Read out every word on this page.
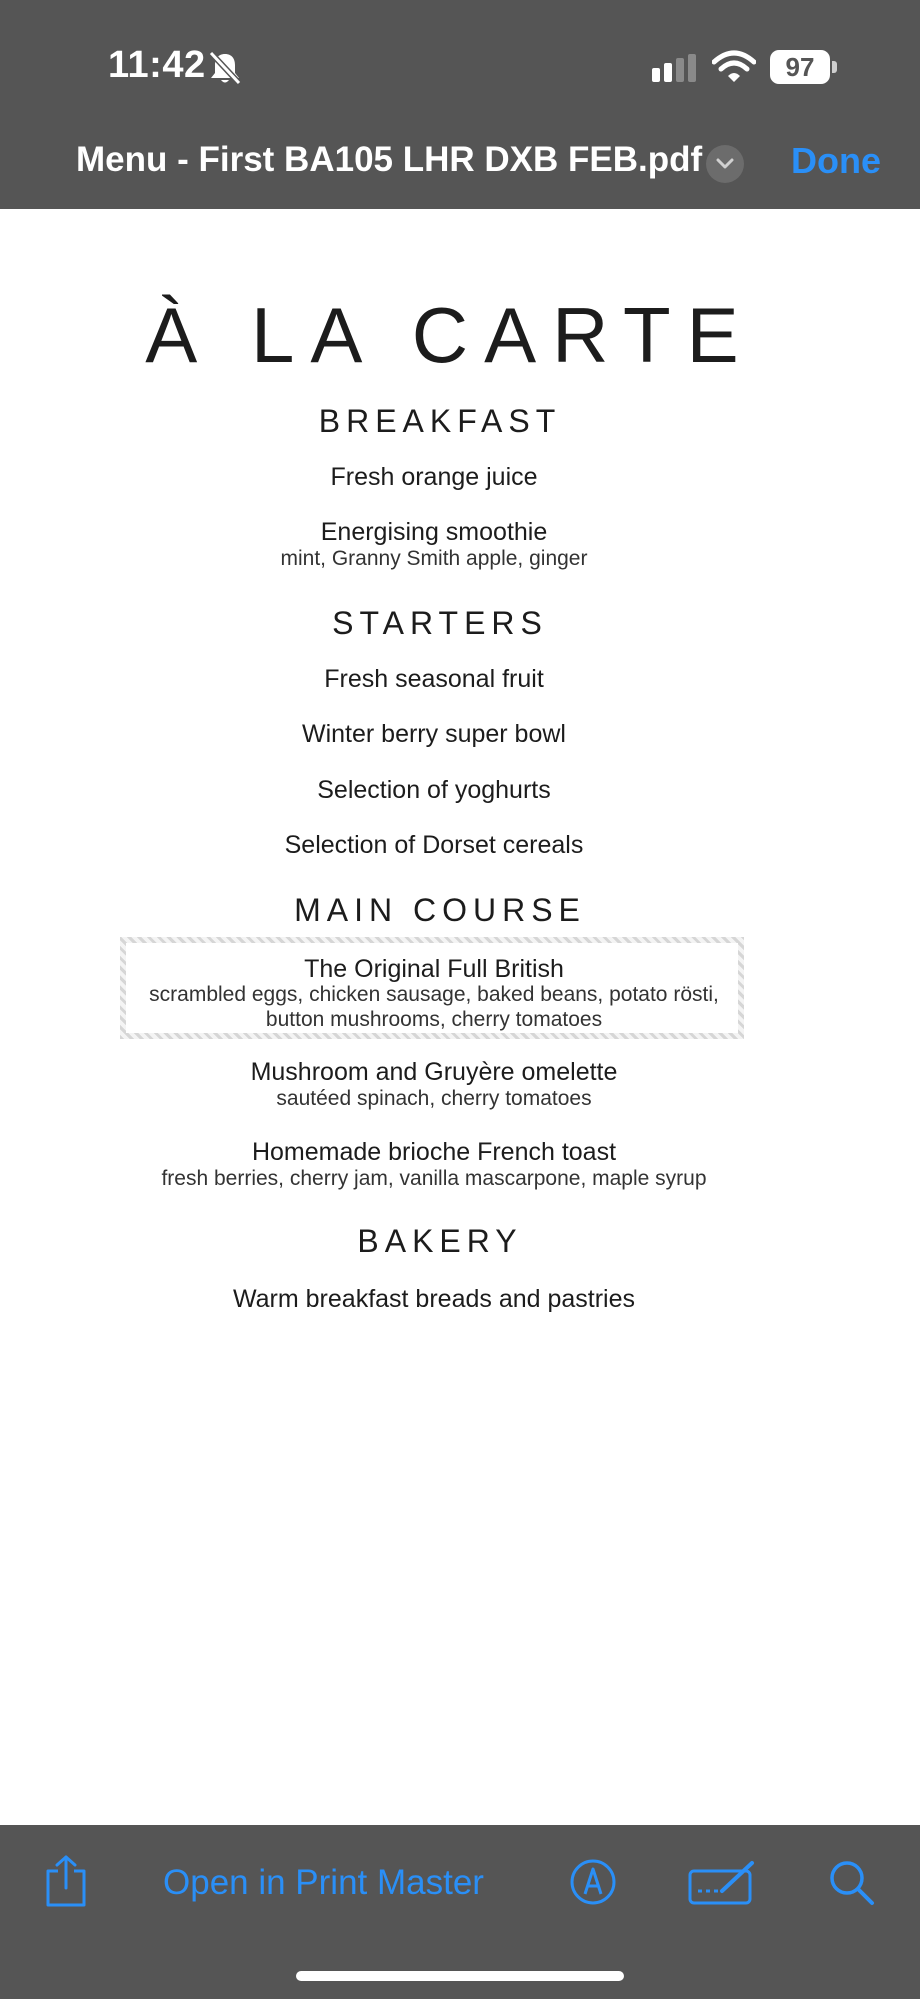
11:42	97
Menu - First BA105 LHR DXB FEB.pdf Done
À LA CARTE
BREAKFAST
Fresh orange juice
Energising smoothie
mint, Granny Smith apple, ginger
STARTERS
Fresh seasonal fruit
Winter berry super bowl
Selection of yoghurts
Selection of Dorset cereals
MAIN COURSE
The Original Full British
scrambled eggs, chicken sausage, baked beans, potato rösti,
button mushrooms, cherry tomatoes
Mushroom and Gruyère omelette
sautéed spinach, cherry tomatoes
Homemade brioche French toast
fresh berries, cherry jam, vanilla mascarpone, maple syrup
BAKERY
Warm breakfast breads and pastries
Open in Print Master
